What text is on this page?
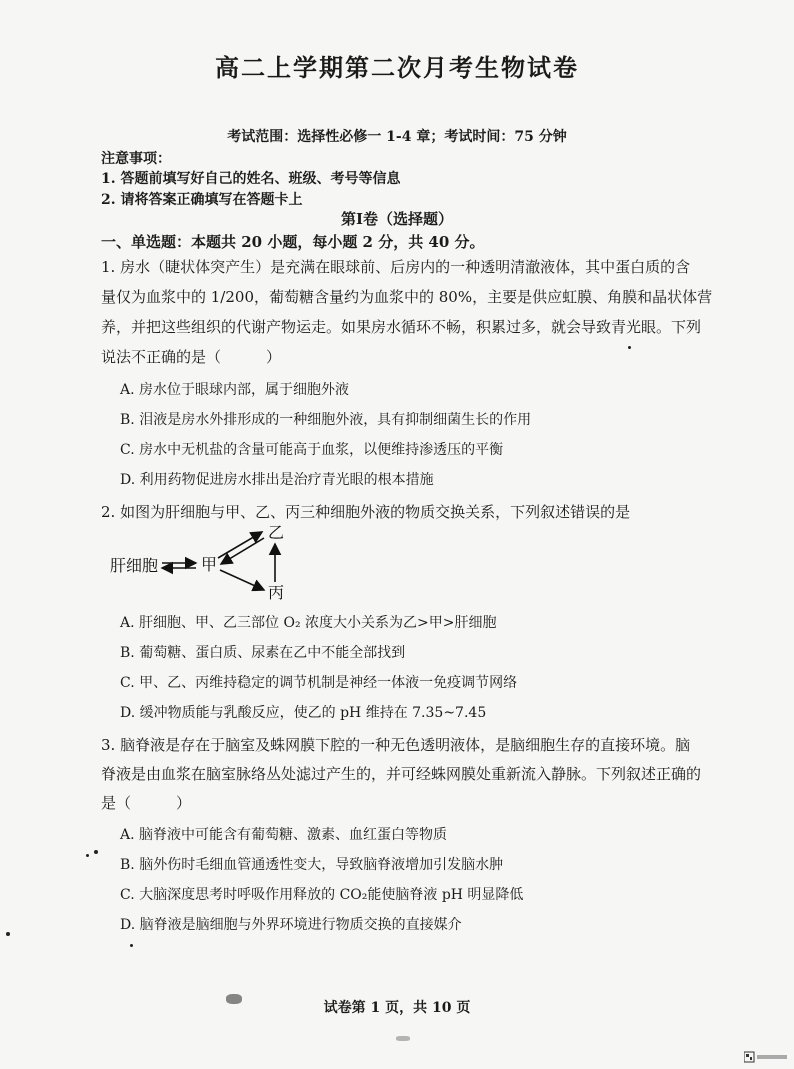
高二上学期第二次月考生物试卷
考试范围：选择性必修一 1-4 章；考试时间：75 分钟
注意事项：
1. 答题前填写好自己的姓名、班级、考号等信息
2. 请将答案正确填写在答题卡上
第Ⅰ卷（选择题）
一、单选题：本题共 20 小题，每小题 2 分，共 40 分。
1. 房水（睫状体突产生）是充满在眼球前、后房内的一种透明清澈液体，其中蛋白质的含
量仅为血浆中的 1/200，葡萄糖含量约为血浆中的 80%，主要是供应虹膜、角膜和晶状体营
养，并把这些组织的代谢产物运走。如果房水循环不畅，积累过多，就会导致青光眼。下列
说法不正确的是（　　　）
A. 房水位于眼球内部，属于细胞外液
B. 泪液是房水外排形成的一种细胞外液，具有抑制细菌生长的作用
C. 房水中无机盐的含量可能高于血浆，以便维持渗透压的平衡
D. 利用药物促进房水排出是治疗青光眼的根本措施
2. 如图为肝细胞与甲、乙、丙三种细胞外液的物质交换关系，下列叙述错误的是
肝细胞	甲
乙
丙
A. 肝细胞、甲、乙三部位 O₂ 浓度大小关系为乙>甲>肝细胞
B. 葡萄糖、蛋白质、尿素在乙中不能全部找到
C. 甲、乙、丙维持稳定的调节机制是神经一体液一免疫调节网络
D. 缓冲物质能与乳酸反应，使乙的 pH 维持在 7.35~7.45
3. 脑脊液是存在于脑室及蛛网膜下腔的一种无色透明液体，是脑细胞生存的直接环境。脑
脊液是由血浆在脑室脉络丛处滤过产生的，并可经蛛网膜处重新流入静脉。下列叙述正确的
是（　　　）
A. 脑脊液中可能含有葡萄糖、激素、血红蛋白等物质
B. 脑外伤时毛细血管通透性变大，导致脑脊液增加引发脑水肿
C. 大脑深度思考时呼吸作用释放的 CO₂能使脑脊液 pH 明显降低
D. 脑脊液是脑细胞与外界环境进行物质交换的直接媒介
试卷第 1 页，共 10 页
